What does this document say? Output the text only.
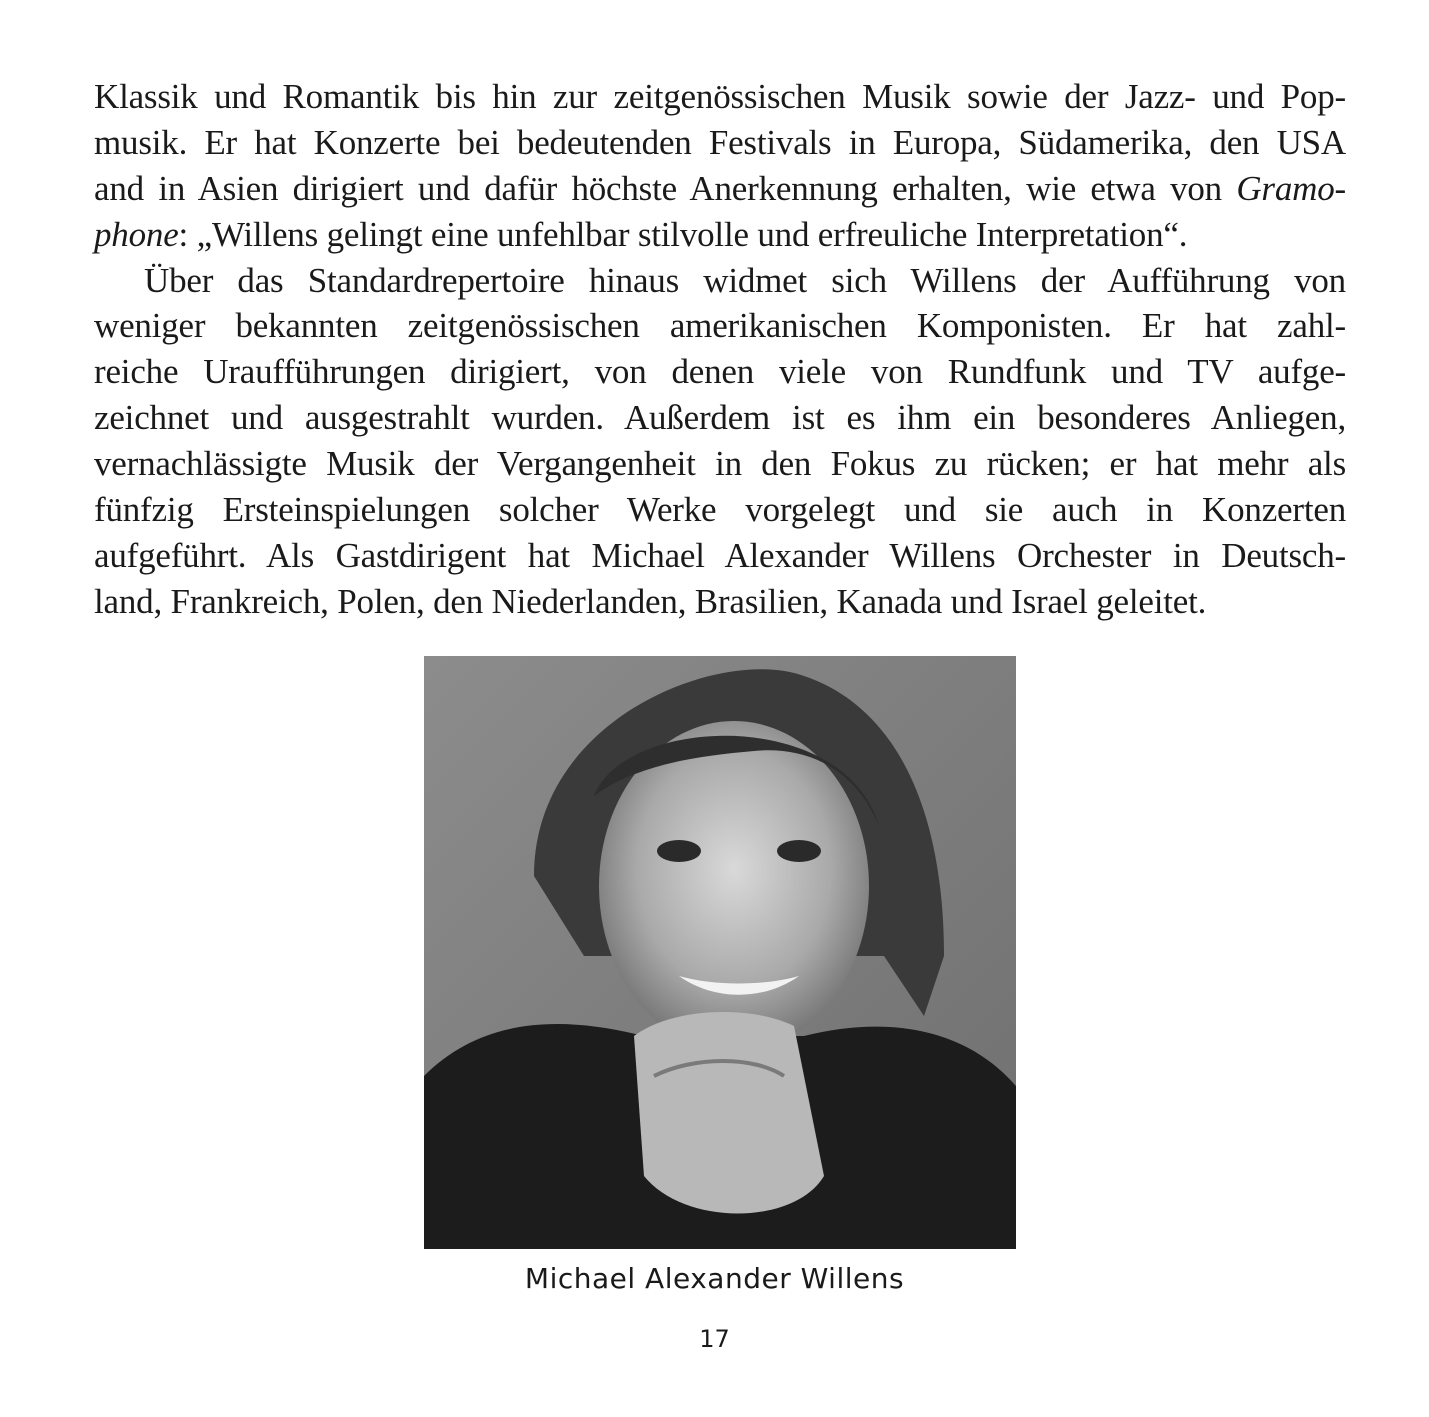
Klassik und Romantik bis hin zur zeitgenössischen Musik sowie der Jazz- und Pop-
musik. Er hat Konzerte bei bedeutenden Festivals in Europa, Südamerika, den USA
and in Asien dirigiert und dafür höchste Anerkennung erhalten, wie etwa von Gramo-
phone: „Willens gelingt eine unfehlbar stilvolle und erfreuliche Interpretation“.
Über das Standardrepertoire hinaus widmet sich Willens der Aufführung von
weniger bekannten zeitgenössischen amerikanischen Komponisten. Er hat zahl-
reiche Uraufführungen dirigiert, von denen viele von Rundfunk und TV aufge-
zeichnet und ausgestrahlt wurden. Außerdem ist es ihm ein besonderes Anliegen,
vernachlässigte Musik der Vergangenheit in den Fokus zu rücken; er hat mehr als
fünfzig Ersteinspielungen solcher Werke vorgelegt und sie auch in Konzerten
aufgeführt. Als Gastdirigent hat Michael Alexander Willens Orchester in Deutsch-
land, Frankreich, Polen, den Niederlanden, Brasilien, Kanada und Israel geleitet.
Michael Alexander Willens
17
